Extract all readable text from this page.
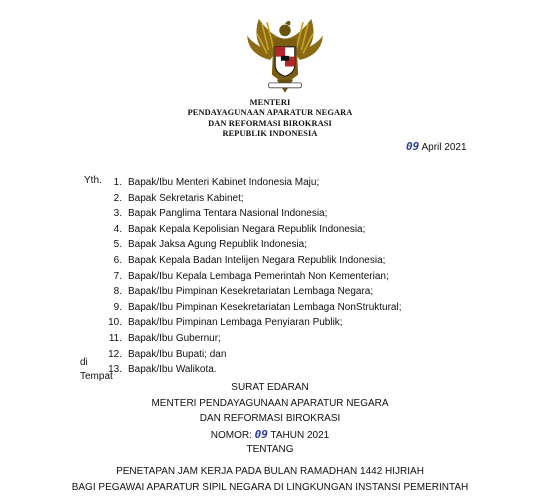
MENTERI
PENDAYAGUNAAN APARATUR NEGARA
DAN REFORMASI BIROKRASI
REPUBLIK INDONESIA
09 April 2021
Yth.	1. Bapak/Ibu Menteri Kabinet Indonesia Maju;
2. Bapak Sekretaris Kabinet;
3. Bapak Panglima Tentara Nasional Indonesia;
4. Bapak Kepala Kepolisian Negara Republik Indonesia;
5. Bapak Jaksa Agung Republik Indonesia;
6. Bapak Kepala Badan Intelijen Negara Republik Indonesia;
7. Bapak/Ibu Kepala Lembaga Pemerintah Non Kementerian;
8. Bapak/Ibu Pimpinan Kesekretariatan Lembaga Negara;
9. Bapak/Ibu Pimpinan Kesekretariatan Lembaga NonStruktural;
10. Bapak/Ibu Pimpinan Lembaga Penyiaran Publik;
11. Bapak/Ibu Gubernur;
12. Bapak/Ibu Bupati; dan
13. Bapak/Ibu Walikota.
di
Tempat
SURAT EDARAN
MENTERI PENDAYAGUNAAN APARATUR NEGARA
DAN REFORMASI BIROKRASI
NOMOR: 09 TAHUN 2021
TENTANG
PENETAPAN JAM KERJA PADA BULAN RAMADHAN 1442 HIJRIAH
BAGI PEGAWAI APARATUR SIPIL NEGARA DI LINGKUNGAN INSTANSI PEMERINTAH
